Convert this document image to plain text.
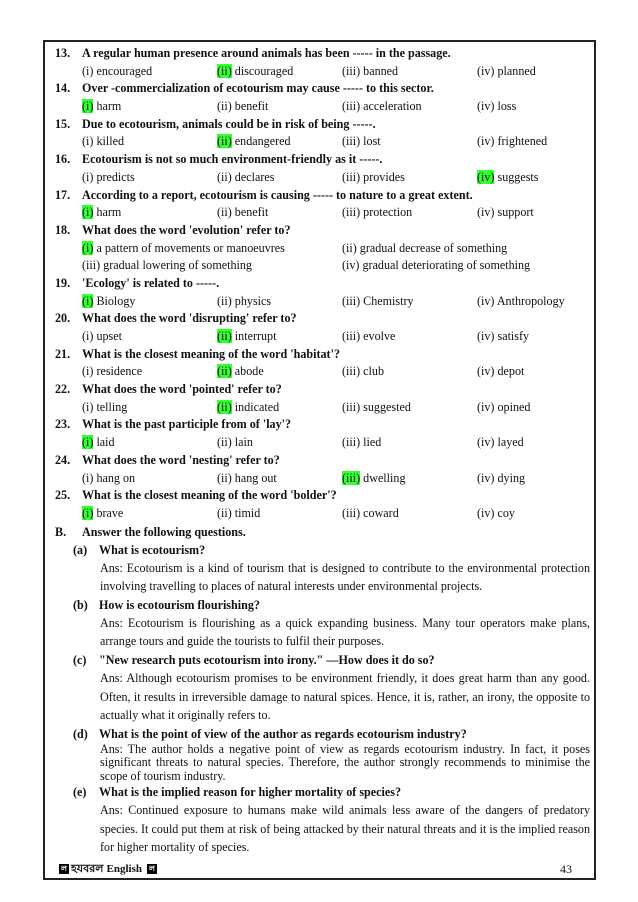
13. A regular human presence around animals has been ----- in the passage.
(i) encouraged	(ii) discouraged	(iii) banned	(iv) planned
14. Over -commercialization of ecotourism may cause ----- to this sector.
(i) harm	(ii) benefit	(iii) acceleration	(iv) loss
15. Due to ecotourism, animals could be in risk of being -----.
(i) killed	(ii) endangered	(iii) lost	(iv) frightened
16. Ecotourism is not so much environment-friendly as it -----.
(i) predicts	(ii) declares	(iii) provides	(iv) suggests
17. According to a report, ecotourism is causing ----- to nature to a great extent.
(i) harm	(ii) benefit	(iii) protection	(iv) support
18. What does the word 'evolution' refer to?
(i) a pattern of movements or manoeuvres	(ii) gradual decrease of something
(iii) gradual lowering of something	(iv) gradual deteriorating of something
19. 'Ecology' is related to -----.
(i) Biology	(ii) physics	(iii) Chemistry	(iv) Anthropology
20. What does the word 'disrupting' refer to?
(i) upset	(ii) interrupt	(iii) evolve	(iv) satisfy
21. What is the closest meaning of the word 'habitat'?
(i) residence	(ii) abode	(iii) club	(iv) depot
22. What does the word 'pointed' refer to?
(i) telling	(ii) indicated	(iii) suggested	(iv) opined
23. What is the past participle from of 'lay'?
(i) laid	(ii) lain	(iii) lied	(iv) layed
24. What does the word 'nesting' refer to?
(i) hang on	(ii) hang out	(iii) dwelling	(iv) dying
25. What is the closest meaning of the word 'bolder'?
(i) brave	(ii) timid	(iii) coward	(iv) coy
B.	Answer the following questions.
(a) What is ecotourism?
Ans: Ecotourism is a kind of tourism that is designed to contribute to the environmental protection involving travelling to places of natural interests under environmental projects.
(b) How is ecotourism flourishing?
Ans: Ecotourism is flourishing as a quick expanding business. Many tour operators make plans, arrange tours and guide the tourists to fulfil their purposes.
(c)	"New research puts ecotourism into irony." —How does it do so?
Ans: Although ecotourism promises to be environment friendly, it does great harm than any good. Often, it results in irreversible damage to natural spices. Hence, it is, rather, an irony, the opposite to actually what it originally refers to.
(d) What is the point of view of the author as regards ecotourism industry?
Ans: The author holds a negative point of view as regards ecotourism industry. In fact, it poses significant threats to natural species. Therefore, the author strongly recommends to minimise the scope of tourism industry.
(e)	What is the implied reason for higher mortality of species?
Ans: Continued exposure to humans make wild animals less aware of the dangers of predatory species. It could put them at risk of being attacked by their natural threats and it is the implied reason for higher mortality of species.
ল হযবরল English ল	43
